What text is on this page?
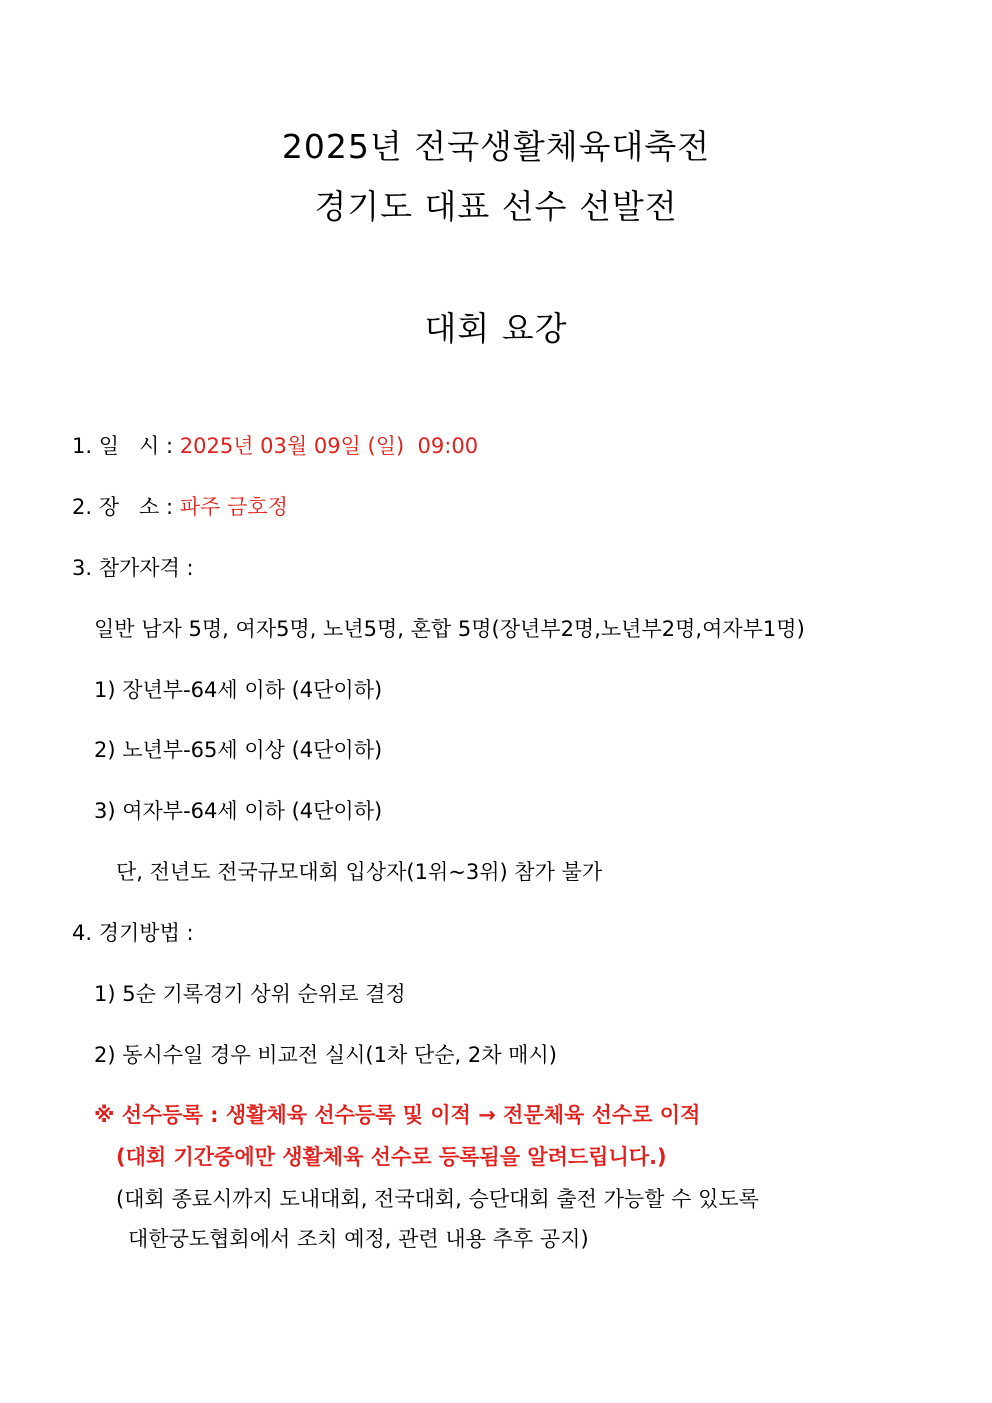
2025년 전국생활체육대축전
경기도 대표 선수 선발전
대회 요강
1. 일   시 : 2025년 03월 09일 (일)  09:00
2. 장   소 : 파주 금호정
3. 참가자격 :
일반 남자 5명, 여자5명, 노년5명, 혼합 5명(장년부2명,노년부2명,여자부1명)
1) 장년부-64세 이하 (4단이하)
2) 노년부-65세 이상 (4단이하)
3) 여자부-64세 이하 (4단이하)
단, 전년도 전국규모대회 입상자(1위~3위) 참가 불가
4. 경기방법 :
1) 5순 기록경기 상위 순위로 결정
2) 동시수일 경우 비교전 실시(1차 단순, 2차 매시)
※ 선수등록 : 생활체육 선수등록 및 이적 → 전문체육 선수로 이적
(대회 기간중에만 생활체육 선수로 등록됨을 알려드립니다.)
(대회 종료시까지 도내대회, 전국대회, 승단대회 출전 가능할 수 있도록
대한궁도협회에서 조치 예정, 관련 내용 추후 공지)
